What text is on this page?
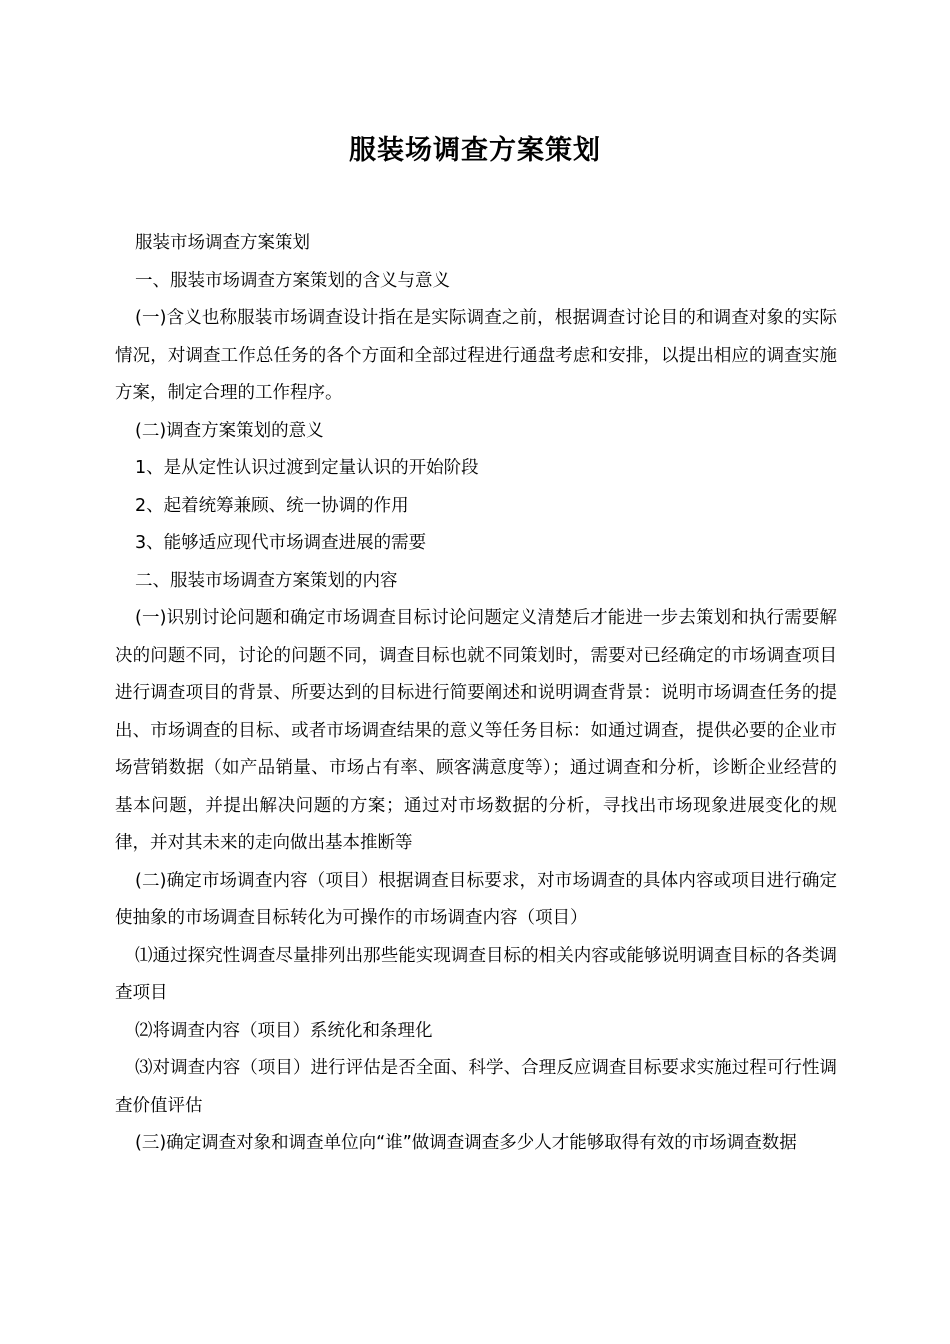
服装场调查方案策划

服装市场调查方案策划

一、服装市场调查方案策划的含义与意义

(一)含义也称服装市场调查设计指在是实际调查之前，根据调查讨论目的和调查对象的实际情况，对调查工作总任务的各个方面和全部过程进行通盘考虑和安排，以提出相应的调查实施方案，制定合理的工作程序。

(二)调查方案策划的意义

1、是从定性认识过渡到定量认识的开始阶段

2、起着统筹兼顾、统一协调的作用

3、能够适应现代市场调查进展的需要

二、服装市场调查方案策划的内容

(一)识别讨论问题和确定市场调查目标讨论问题定义清楚后才能进一步去策划和执行需要解决的问题不同，讨论的问题不同，调查目标也就不同策划时，需要对已经确定的市场调查项目进行调查项目的背景、所要达到的目标进行简要阐述和说明调查背景：说明市场调查任务的提出、市场调查的目标、或者市场调查结果的意义等任务目标：如通过调查，提供必要的企业市场营销数据（如产品销量、市场占有率、顾客满意度等）；通过调查和分析，诊断企业经营的基本问题，并提出解决问题的方案；通过对市场数据的分析，寻找出市场现象进展变化的规律，并对其未来的走向做出基本推断等

(二)确定市场调查内容（项目）根据调查目标要求，对市场调查的具体内容或项目进行确定使抽象的市场调查目标转化为可操作的市场调查内容（项目）

⑴通过探究性调查尽量排列出那些能实现调查目标的相关内容或能够说明调查目标的各类调查项目

⑵将调查内容（项目）系统化和条理化

⑶对调查内容（项目）进行评估是否全面、科学、合理反应调查目标要求实施过程可行性调查价值评估

(三)确定调查对象和调查单位向“谁”做调查调查多少人才能够取得有效的市场调查数据
